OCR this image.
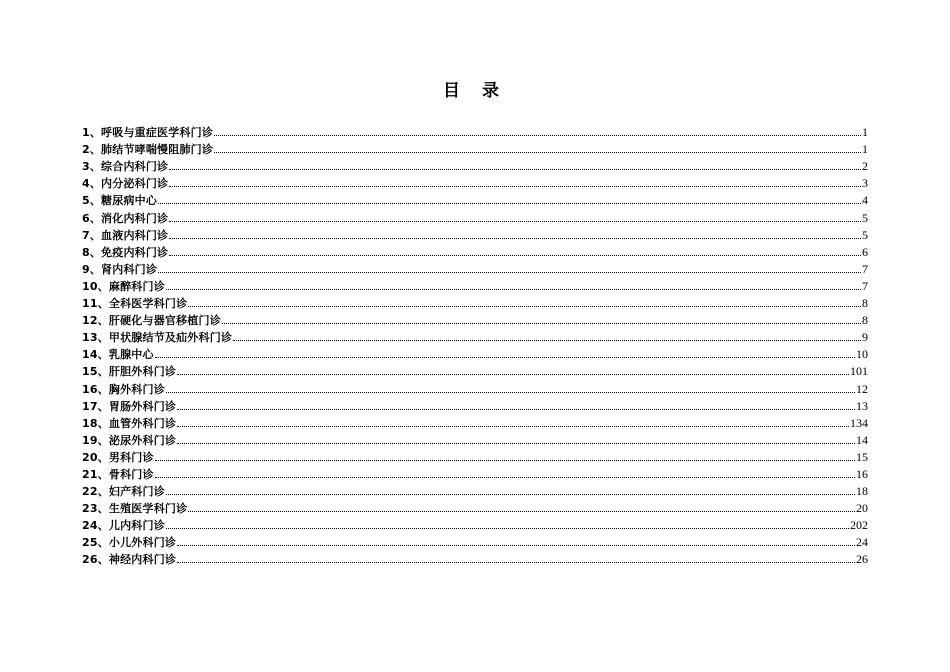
目 录
1、呼吸与重症医学科门诊	1
2、肺结节哮喘慢阻肺门诊	1
3、综合内科门诊	2
4、内分泌科门诊	3
5、糖尿病中心	4
6、消化内科门诊	5
7、血液内科门诊	5
8、免疫内科门诊	6
9、肾内科门诊	7
10、麻醉科门诊	7
11、全科医学科门诊	8
12、肝硬化与器官移植门诊	8
13、甲状腺结节及疝外科门诊	9
14、乳腺中心	10
15、肝胆外科门诊	101
16、胸外科门诊	12
17、胃肠外科门诊	13
18、血管外科门诊	134
19、泌尿外科门诊	14
20、男科门诊	15
21、骨科门诊	16
22、妇产科门诊	18
23、生殖医学科门诊	20
24、儿内科门诊	202
25、小儿外科门诊	24
26、神经内科门诊	26
